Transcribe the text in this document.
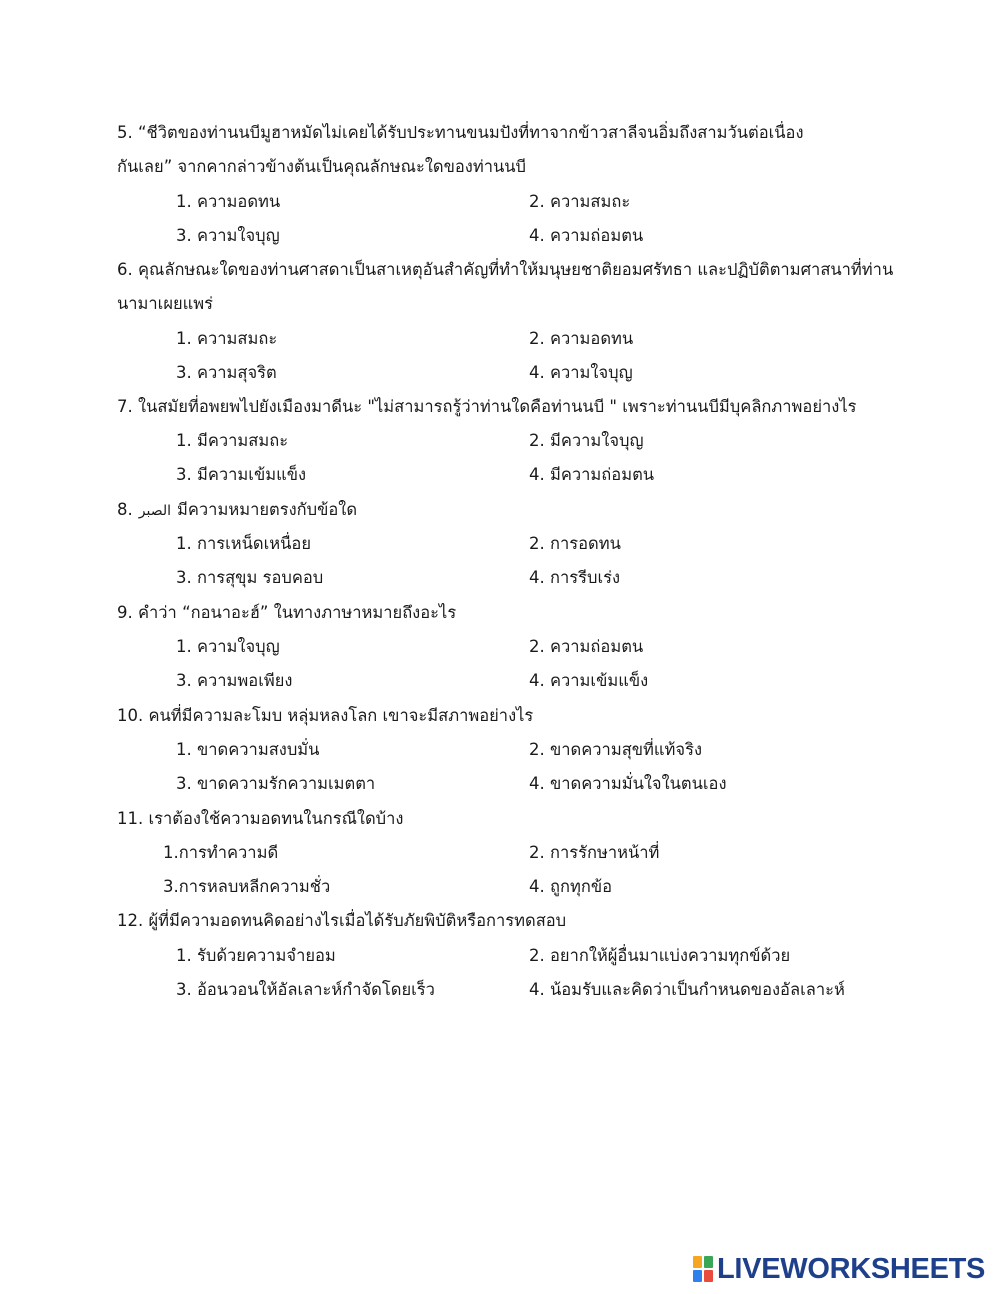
5. “ชีวิตของท่านนบีมูฮาหมัดไม่เคยได้รับประทานขนมปังที่ทาจากข้าวสาลีจนอิ่มถึงสามวันต่อเนื่อง
กันเลย” จากคากล่าวข้างต้นเป็นคุณลักษณะใดของท่านนบี
1. ความอดทน	2. ความสมถะ
3. ความใจบุญ	4. ความถ่อมตน
6. คุณลักษณะใดของท่านศาสดาเป็นสาเหตุอันสำคัญที่ทำให้มนุษยชาติยอมศรัทธา และปฏิบัติตามศาสนาที่ท่าน
นามาเผยแพร่
1. ความสมถะ	2. ความอดทน
3. ความสุจริต	4. ความใจบุญ
7. ในสมัยที่อพยพไปยังเมืองมาดีนะ "ไม่สามารถรู้ว่าท่านใดคือท่านนบี " เพราะท่านนบีมีบุคลิกภาพอย่างไร
1. มีความสมถะ	2. มีความใจบุญ
3. มีความเข้มแข็ง	4. มีความถ่อมตน
8. الصبر มีความหมายตรงกับข้อใด
1. การเหน็ดเหนื่อย	2. การอดทน
3. การสุขุม รอบคอบ	4. การรีบเร่ง
9. คำว่า “กอนาอะฮ์” ในทางภาษาหมายถึงอะไร
1. ความใจบุญ	2. ความถ่อมตน
3. ความพอเพียง	4. ความเข้มแข็ง
10. คนที่มีความละโมบ หลุ่มหลงโลก เขาจะมีสภาพอย่างไร
1. ขาดความสงบมั่น	2. ขาดความสุขที่แท้จริง
3. ขาดความรักความเมตตา	4. ขาดความมั่นใจในตนเอง
11. เราต้องใช้ความอดทนในกรณีใดบ้าง
1.การทำความดี	2. การรักษาหน้าที่
3.การหลบหลีกความชั่ว	4. ถูกทุกข้อ
12. ผู้ที่มีความอดทนคิดอย่างไรเมื่อได้รับภัยพิบัติหรือการทดสอบ
1. รับด้วยความจำยอม	2. อยากให้ผู้อื่นมาแบ่งความทุกข์ด้วย
3. อ้อนวอนให้อัลเลาะห์กำจัดโดยเร็ว	4. น้อมรับและคิดว่าเป็นกำหนดของอัลเลาะห์
LIVEWORKSHEETS
